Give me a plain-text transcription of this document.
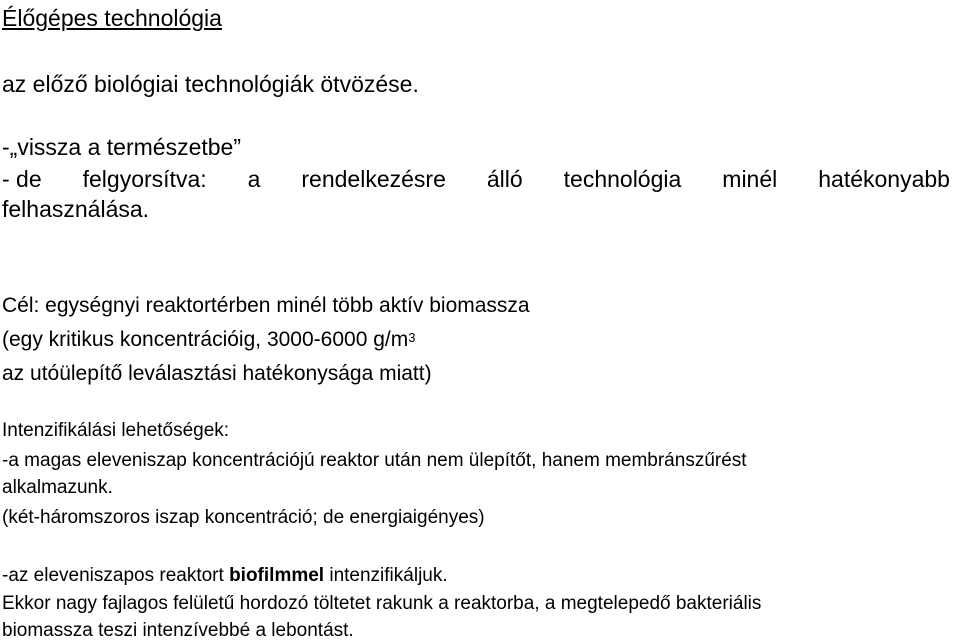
Élőgépes technológia
az előző biológiai technológiák ötvözése.
-„vissza a természetbe”
- de felgyorsítva: a rendelkezésre álló technológia minél hatékonyabb
felhasználása.
Cél: egységnyi reaktortérben minél több aktív biomassza
(egy kritikus koncentrációig, 3000-6000 $g/m^3$
az utóülepítő leválasztási hatékonysága miatt)
Intenzifikálási lehetőségek:
-a magas eleveniszap koncentrációjú reaktor után nem ülepítőt, hanem membránszűrést
alkalmazunk.
(két-háromszoros iszap koncentráció; de energiaigényes)
-az eleveniszapos reaktort biofilmmel intenzifikáljuk.
Ekkor nagy fajlagos felületű hordozó töltetet rakunk a reaktorba, a megtelepedő bakteriális
biomassza teszi intenzívebbé a lebontást.
